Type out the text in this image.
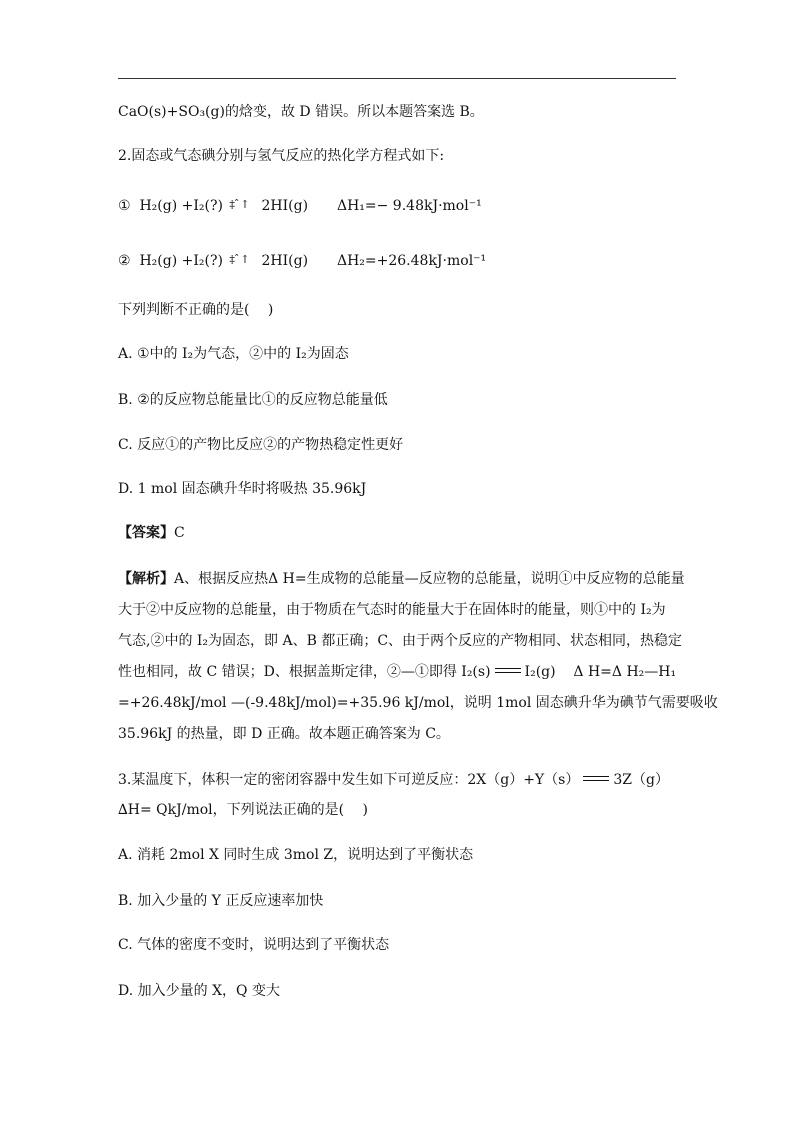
CaO(s)+SO₃(g)的焓变，故 D 错误。所以本题答案选 B。
2.固态或气态碘分别与氢气反应的热化学方程式如下:
① H₂(g) +I₂(?) ‡ ̂↑ 2HI(g) ΔH₁=− 9.48kJ·mol⁻¹
② H₂(g) +I₂(?) ‡ ̂↑ 2HI(g) ΔH₂=+26.48kJ·mol⁻¹
下列判断不正确的是(　 )
A. ①中的 I₂为气态，②中的 I₂为固态
B. ②的反应物总能量比①的反应物总能量低
C. 反应①的产物比反应②的产物热稳定性更好
D. 1 mol 固态碘升华时将吸热 35.96kJ
【答案】C
【解析】A、根据反应热Δ H=生成物的总能量—反应物的总能量，说明①中反应物的总能量
大于②中反应物的总能量，由于物质在气态时的能量大于在固体时的能量，则①中的 I₂为
气态,②中的 I₂为固态，即 A、B 都正确；C、由于两个反应的产物相同、状态相同，热稳定
性也相同，故 C 错误；D、根据盖斯定律，②—①即得 I₂(s) I₂(g) Δ H=Δ H₂—H₁
=+26.48kJ/mol —(-9.48kJ/mol)=+35.96 kJ/mol，说明 1mol 固态碘升华为碘节气需要吸收
35.96kJ 的热量，即 D 正确。故本题正确答案为 C。
3.某温度下，体积一定的密闭容器中发生如下可逆反应：2X（g）+Y（s） 3Z（g）
∆H= QkJ/mol，下列说法正确的是(　 )
A. 消耗 2mol X 同时生成 3mol Z，说明达到了平衡状态
B. 加入少量的 Y 正反应速率加快
C. 气体的密度不变时，说明达到了平衡状态
D. 加入少量的 X，Q 变大
